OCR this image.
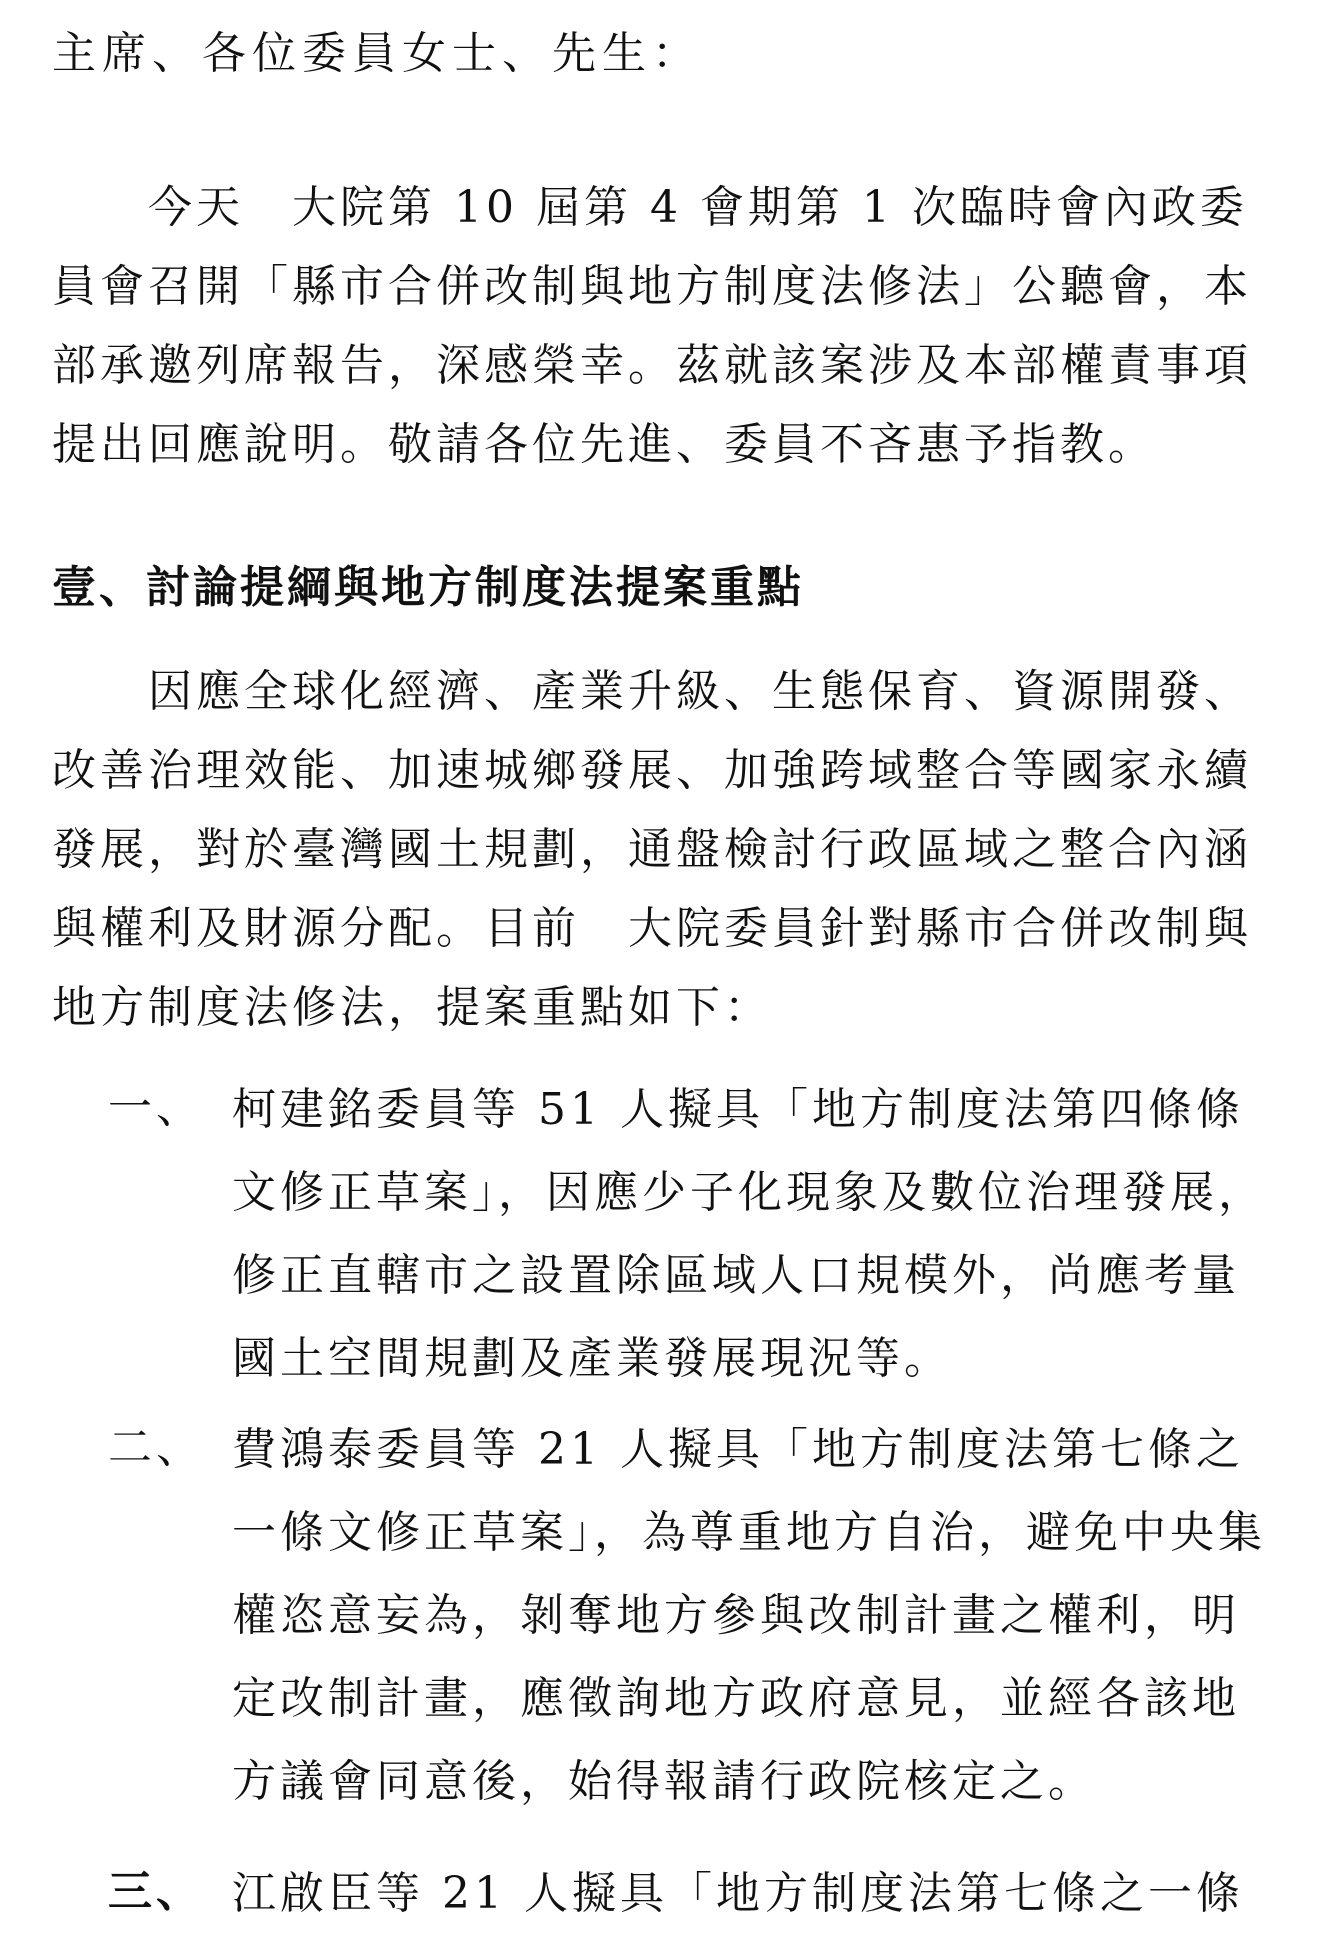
主席、各位委員女士、先生：
今天　大院第 10 屆第 4 會期第 1 次臨時會內政委
員會召開「縣市合併改制與地方制度法修法」公聽會，本
部承邀列席報告，深感榮幸。茲就該案涉及本部權責事項
提出回應說明。敬請各位先進、委員不吝惠予指教。
壹、討論提綱與地方制度法提案重點
因應全球化經濟、產業升級、生態保育、資源開發、
改善治理效能、加速城鄉發展、加強跨域整合等國家永續
發展，對於臺灣國土規劃，通盤檢討行政區域之整合內涵
與權利及財源分配。目前　大院委員針對縣市合併改制與
地方制度法修法，提案重點如下：
一、 柯建銘委員等 51 人擬具「地方制度法第四條條
文修正草案」，因應少子化現象及數位治理發展，
修正直轄市之設置除區域人口規模外，尚應考量
國土空間規劃及產業發展現況等。
二、 費鴻泰委員等 21 人擬具「地方制度法第七條之
一條文修正草案」，為尊重地方自治，避免中央集
權恣意妄為，剝奪地方參與改制計畫之權利，明
定改制計畫，應徵詢地方政府意見，並經各該地
方議會同意後，始得報請行政院核定之。
三、 江啟臣等 21 人擬具「地方制度法第七條之一條
